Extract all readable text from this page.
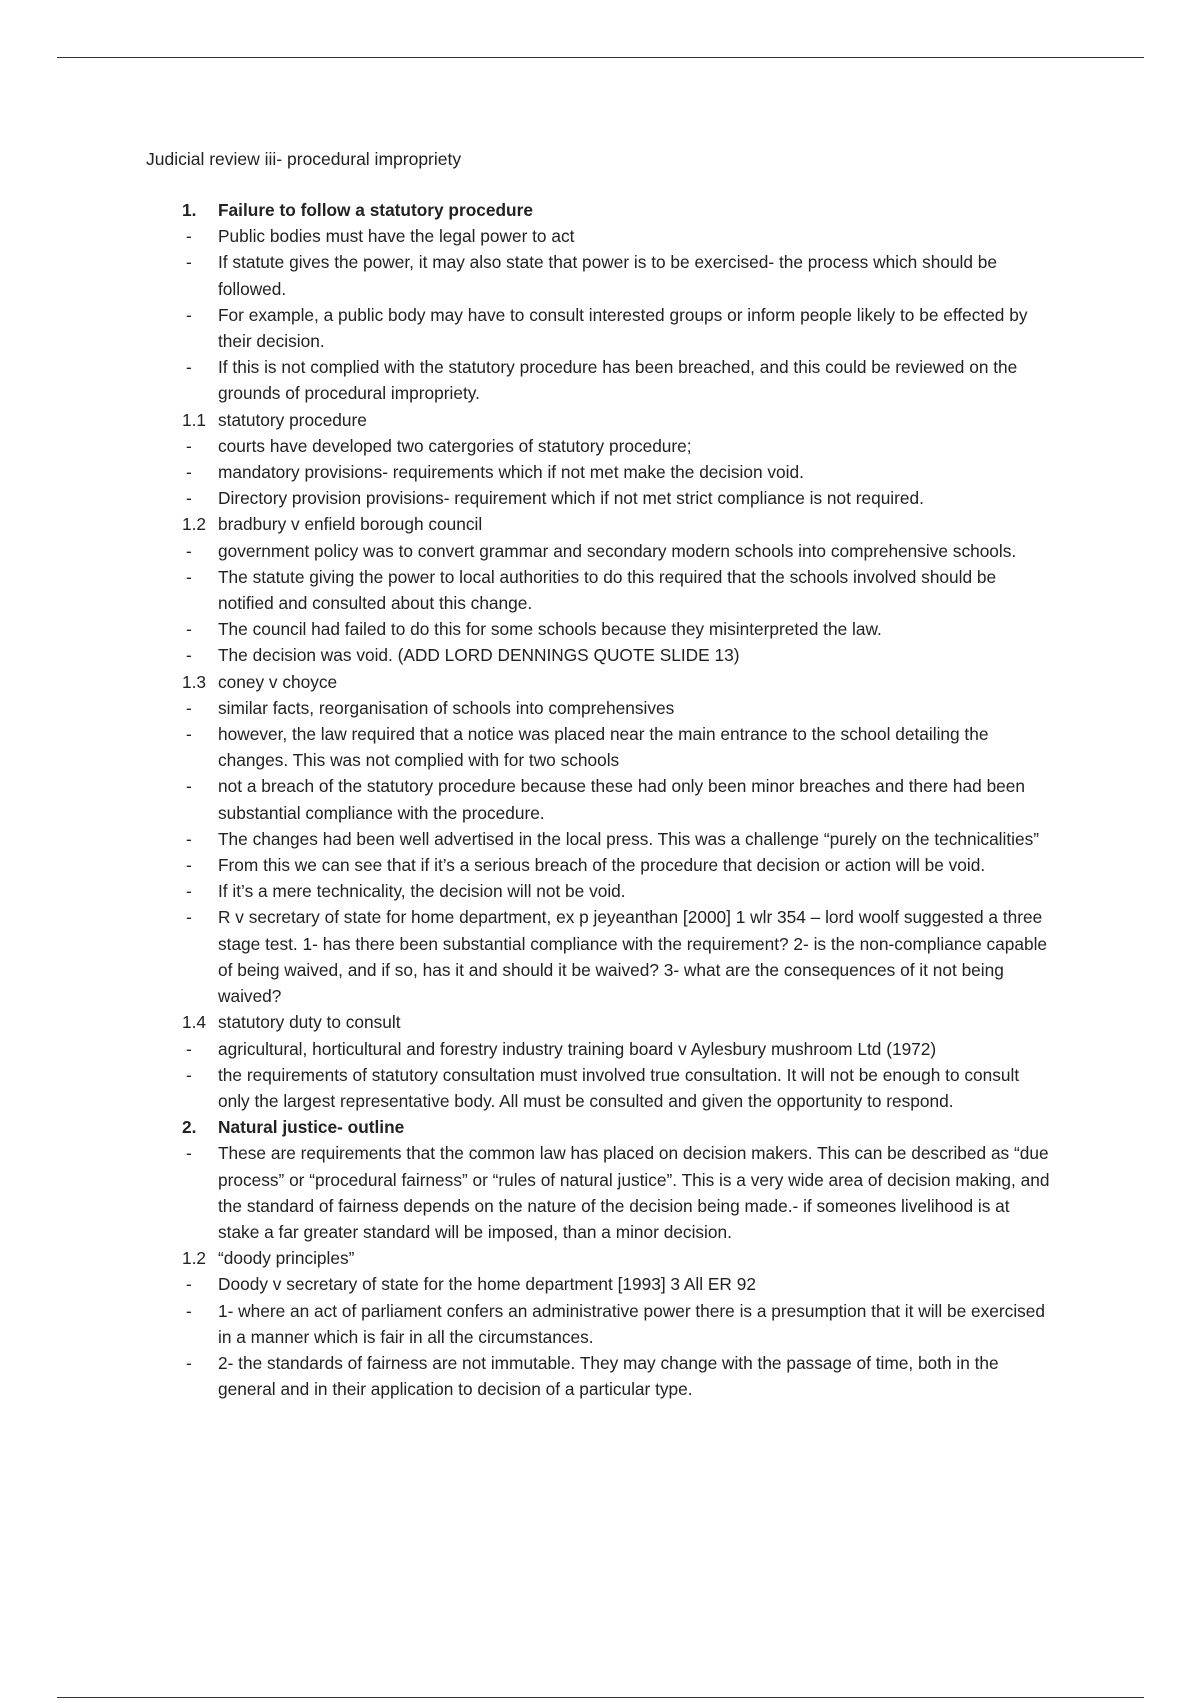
Judicial review iii- procedural impropriety
1.	Failure to follow a statutory procedure
-	Public bodies must have the legal power to act
-	If statute gives the power, it may also state that power is to be exercised- the process which should be followed.
-	For example, a public body may have to consult interested groups or inform people likely to be effected by their decision.
-	If this is not complied with the statutory procedure has been breached, and this could be reviewed on the grounds of procedural impropriety.
1.1 statutory procedure
-	courts have developed two catergories of statutory procedure;
-	mandatory provisions- requirements which if not met make the decision void.
-	Directory provision provisions- requirement which if not met strict compliance is not required.
1.2 bradbury v enfield borough council
-	government policy was to convert grammar and secondary modern schools into comprehensive schools.
-	The statute giving the power to local authorities to do this required that the schools involved should be notified and consulted about this change.
-	The council had failed to do this for some schools because they misinterpreted the law.
-	The decision was void. (ADD LORD DENNINGS QUOTE SLIDE 13)
1.3 coney v choyce
-	similar facts, reorganisation of schools into comprehensives
-	however, the law required that a notice was placed near the main entrance to the school detailing the changes. This was not complied with for two schools
-	not a breach of the statutory procedure because these had only been minor breaches and there had been substantial compliance with the procedure.
-	The changes had been well advertised in the local press. This was a challenge “purely on the technicalities”
-	From this we can see that if it’s a serious breach of the procedure that decision or action will be void.
-	If it’s a mere technicality, the decision will not be void.
-	R v secretary of state for home department, ex p jeyeanthan [2000] 1 wlr 354 – lord woolf suggested a three stage test. 1- has there been substantial compliance with the requirement? 2- is the non-compliance capable of being waived, and if so, has it and should it be waived? 3- what are the consequences of it not being waived?
1.4 statutory duty to consult
-	agricultural, horticultural and forestry industry training board v Aylesbury mushroom Ltd (1972)
-	the requirements of statutory consultation must involved true consultation. It will not be enough to consult only the largest representative body. All must be consulted and given the opportunity to respond.
2.	Natural justice- outline
-	These are requirements that the common law has placed on decision makers. This can be described as “due process” or “procedural fairness” or “rules of natural justice”. This is a very wide area of decision making, and the standard of fairness depends on the nature of the decision being made.- if someones livelihood is at stake a far greater standard will be imposed, than a minor decision.
1.2 “doody principles”
-	Doody v secretary of state for the home department [1993] 3 All ER 92
-	1- where an act of parliament confers an administrative power there is a presumption that it will be exercised in a manner which is fair in all the circumstances.
-	2- the standards of fairness are not immutable. They may change with the passage of time, both in the general and in their application to decision of a particular type.
